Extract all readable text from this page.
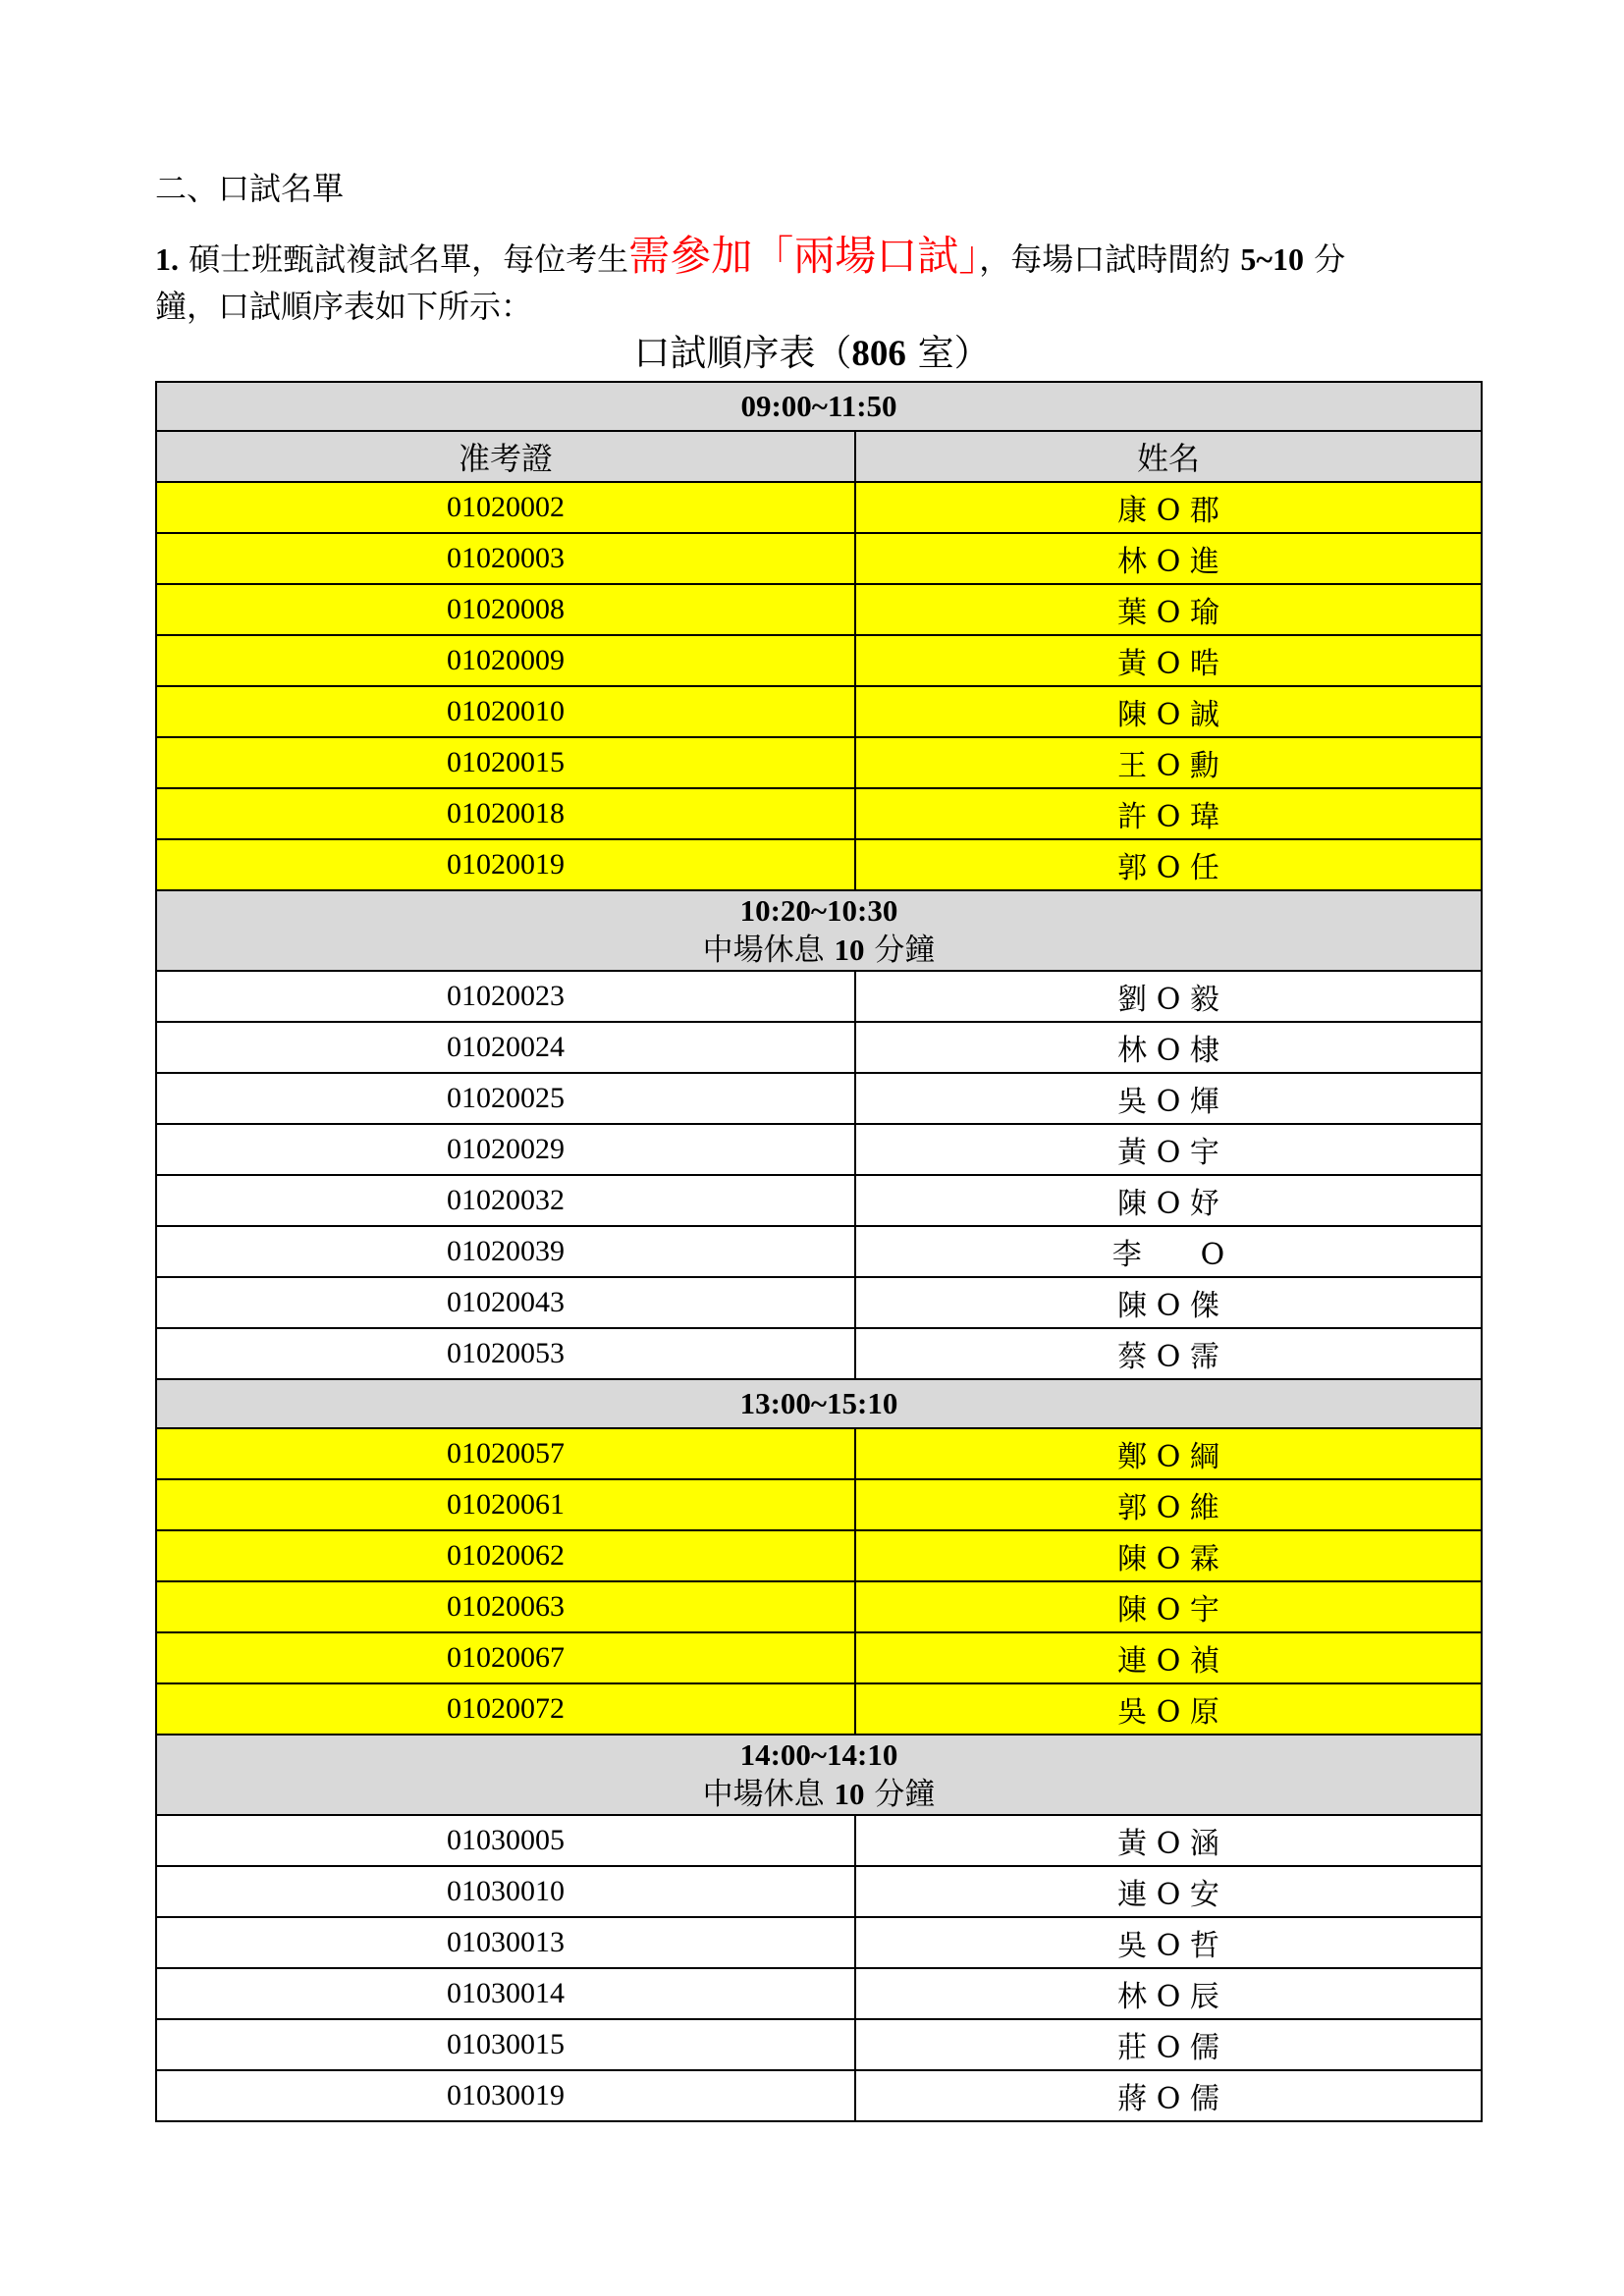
二、口試名單
1. 碩士班甄試複試名單，每位考生需參加「兩場口試」，每場口試時間約 5~10 分
鐘，口試順序表如下所示：
口試順序表（806 室）
09:00~11:50	
准考證	姓名
01020002	康 O 郡
01020003	林 O 進
01020008	葉 O 瑜
01020009	黃 O 晧
01020010	陳 O 誠
01020015	王 O 勳
01020018	許 O 瑋
01020019	郭 O 任

10:20~10:30
中場休息 10 分鐘	

01020023	劉 O 毅
01020024	林 O 棣
01020025	吳 O 煇
01020029	黃 O 宇
01020032	陳 O 妤
01020039	李　　O
01020043	陳 O 傑
01020053	蔡 O 霈
13:00~15:10	
01020057	鄭 O 綱
01020061	郭 O 維
01020062	陳 O 霖
01020063	陳 O 宇
01020067	連 O 禎
01020072	吳 O 原

14:00~14:10
中場休息 10 分鐘	

01030005	黃 O 涵
01030010	連 O 安
01030013	吳 O 哲
01030014	林 O 辰
01030015	莊 O 儒
01030019	蔣 O 儒
